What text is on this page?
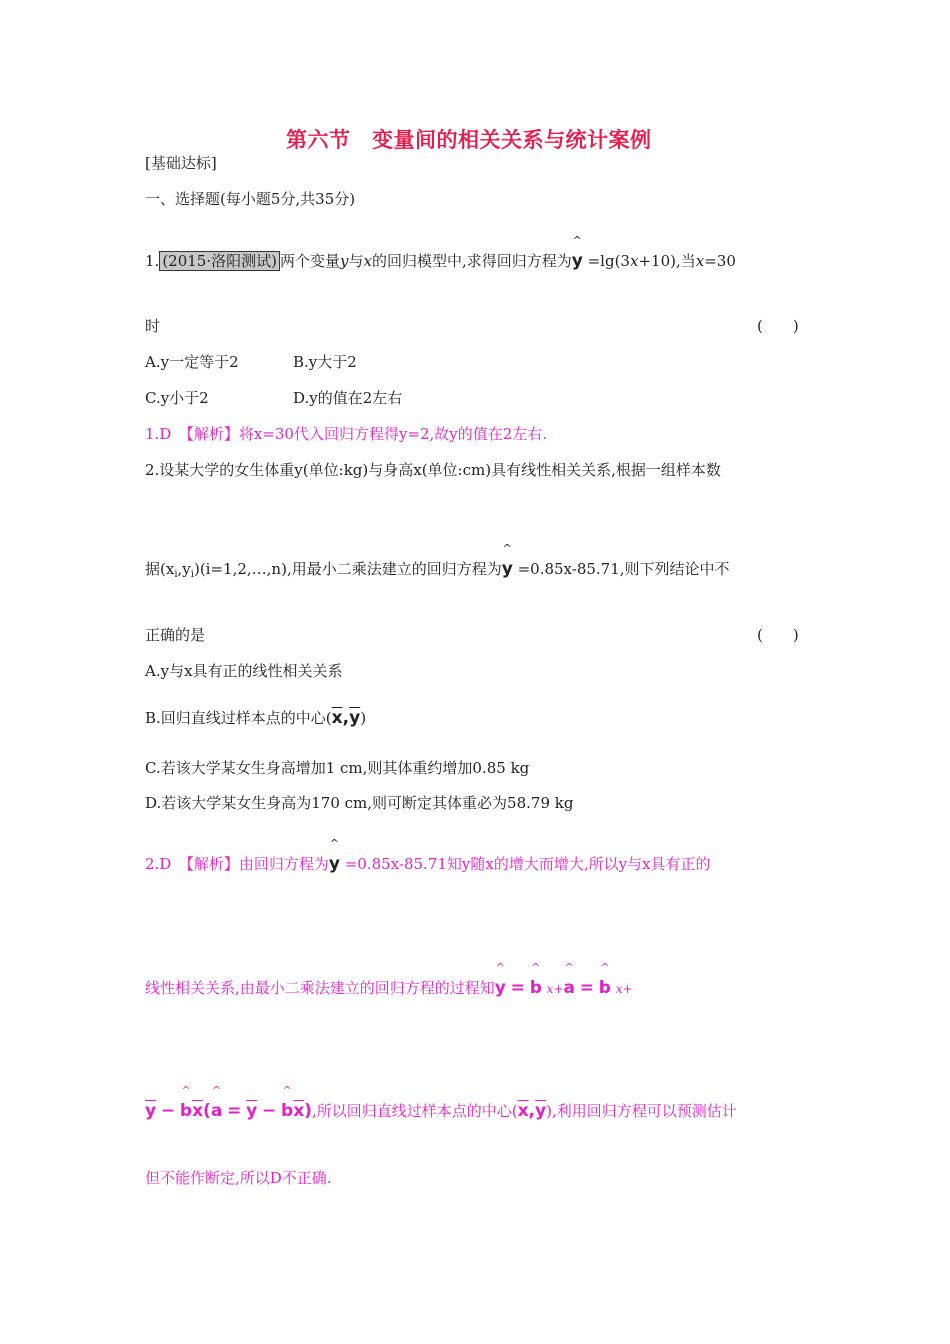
第六节　变量间的相关关系与统计案例
[基础达标]
一、选择题(每小题5分,共35分)
1. (2015·洛阳测试) 两个变量y与x的回归模型中,求得回归方程为
^
y =lg(3x+10),当x=30
时	(　　)
A.y一定等于2	B.y大于2
C.y小于2	D.y的值在2左右
1.D　【解析】将x=30代入回归方程得y=2,故y的值在2左右.
2.设某大学的女生体重y(单位:kg)与身高x(单位:cm)具有线性相关关系,根据一组样本数
据$(x_i,y_i)(i=1,2,\dots,n)$,用最小二乘法建立的回归方程为
^
y =0.85x-85.71,则下列结论中不
正确的是	(　　)
A.y与x具有正的线性相关关系
B.回归直线过样本点的中心$(\overline{x},\overline{y})$
C.若该大学某女生身高增加1 cm,则其体重约增加0.85 kg
D.若该大学某女生身高为170 cm,则可断定其体重必为58.79 kg
2.D　【解析】由回归方程为
^
y =0.85x-85.71知y随x的增大而增大,所以y与x具有正的
线性相关关系,由最小二乘法建立的回归方程的过程知
^
y =
^
b x+
^
a =
^
b x+
$\overline{y}$ −
^
$b\overline{x}$(
^
$a = \overline{y}$ −
^
$b\overline{x}$),所以回归直线过样本点的中心$(\overline{x},\overline{y})$,利用回归方程可以预测估计
但不能作断定,所以D不正确.
